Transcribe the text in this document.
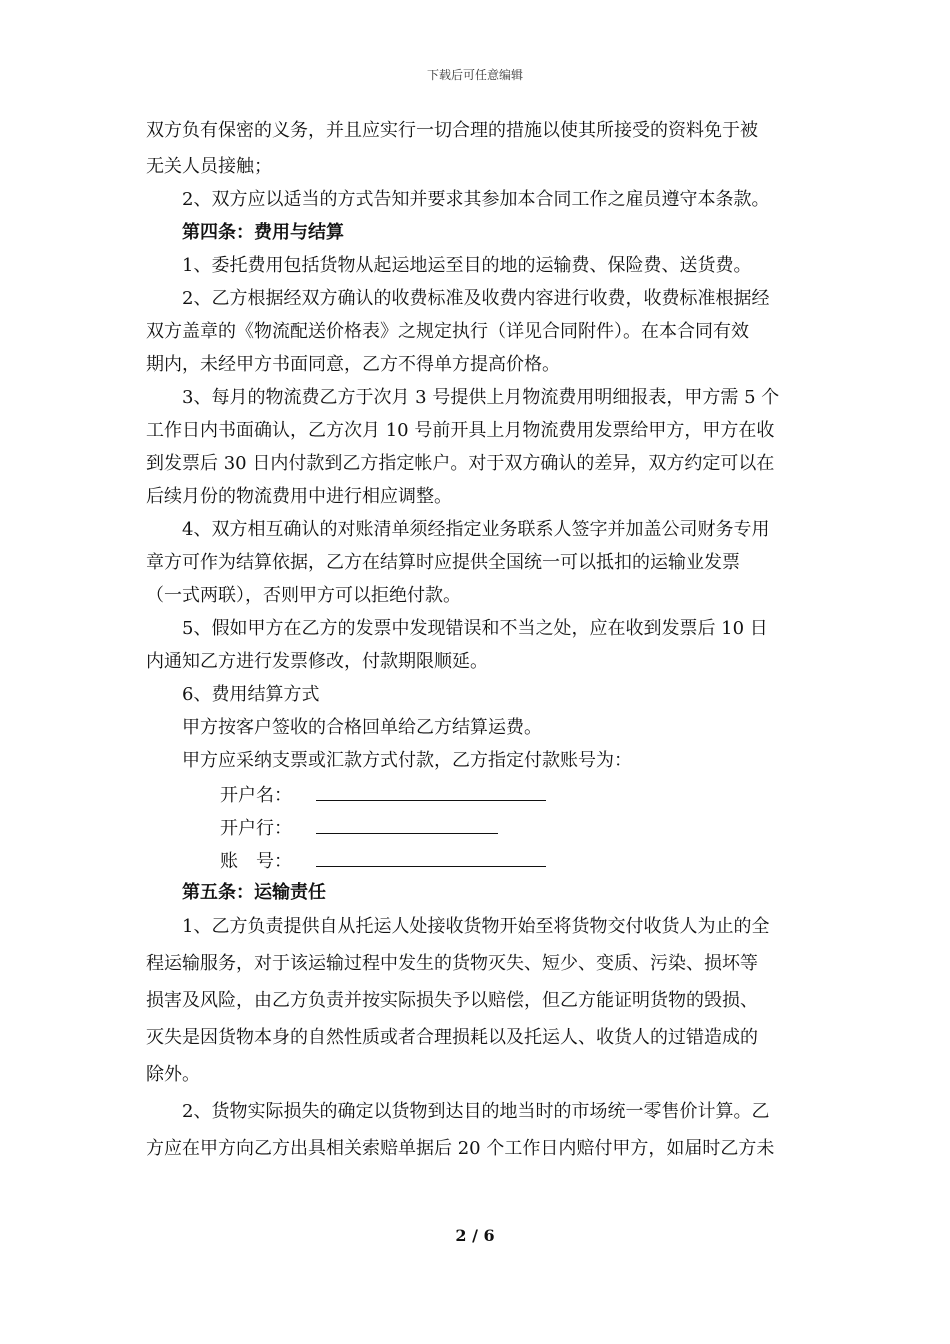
下载后可任意编辑
双方负有保密的义务，并且应实行一切合理的措施以使其所接受的资料免于被
无关人员接触；
2、双方应以适当的方式告知并要求其参加本合同工作之雇员遵守本条款。
第四条：费用与结算
1、委托费用包括货物从起运地运至目的地的运输费、保险费、送货费。
2、乙方根据经双方确认的收费标准及收费内容进行收费，收费标准根据经
双方盖章的《物流配送价格表》之规定执行（详见合同附件）。在本合同有效
期内，未经甲方书面同意，乙方不得单方提高价格。
3、每月的物流费乙方于次月 3 号提供上月物流费用明细报表，甲方需 5 个
工作日内书面确认，乙方次月 10 号前开具上月物流费用发票给甲方，甲方在收
到发票后 30 日内付款到乙方指定帐户。对于双方确认的差异，双方约定可以在
后续月份的物流费用中进行相应调整。
4、双方相互确认的对账清单须经指定业务联系人签字并加盖公司财务专用
章方可作为结算依据，乙方在结算时应提供全国统一可以抵扣的运输业发票
（一式两联），否则甲方可以拒绝付款。
5、假如甲方在乙方的发票中发现错误和不当之处，应在收到发票后 10 日
内通知乙方进行发票修改，付款期限顺延。
6、费用结算方式
甲方按客户签收的合格回单给乙方结算运费。
甲方应采纳支票或汇款方式付款，乙方指定付款账号为：
开户名：
开户行：
账　号：
第五条：运输责任
1、乙方负责提供自从托运人处接收货物开始至将货物交付收货人为止的全
程运输服务，对于该运输过程中发生的货物灭失、短少、变质、污染、损坏等
损害及风险，由乙方负责并按实际损失予以赔偿，但乙方能证明货物的毁损、
灭失是因货物本身的自然性质或者合理损耗以及托运人、收货人的过错造成的
除外。
2、货物实际损失的确定以货物到达目的地当时的市场统一零售价计算。乙
方应在甲方向乙方出具相关索赔单据后 20 个工作日内赔付甲方，如届时乙方未
2 / 6
